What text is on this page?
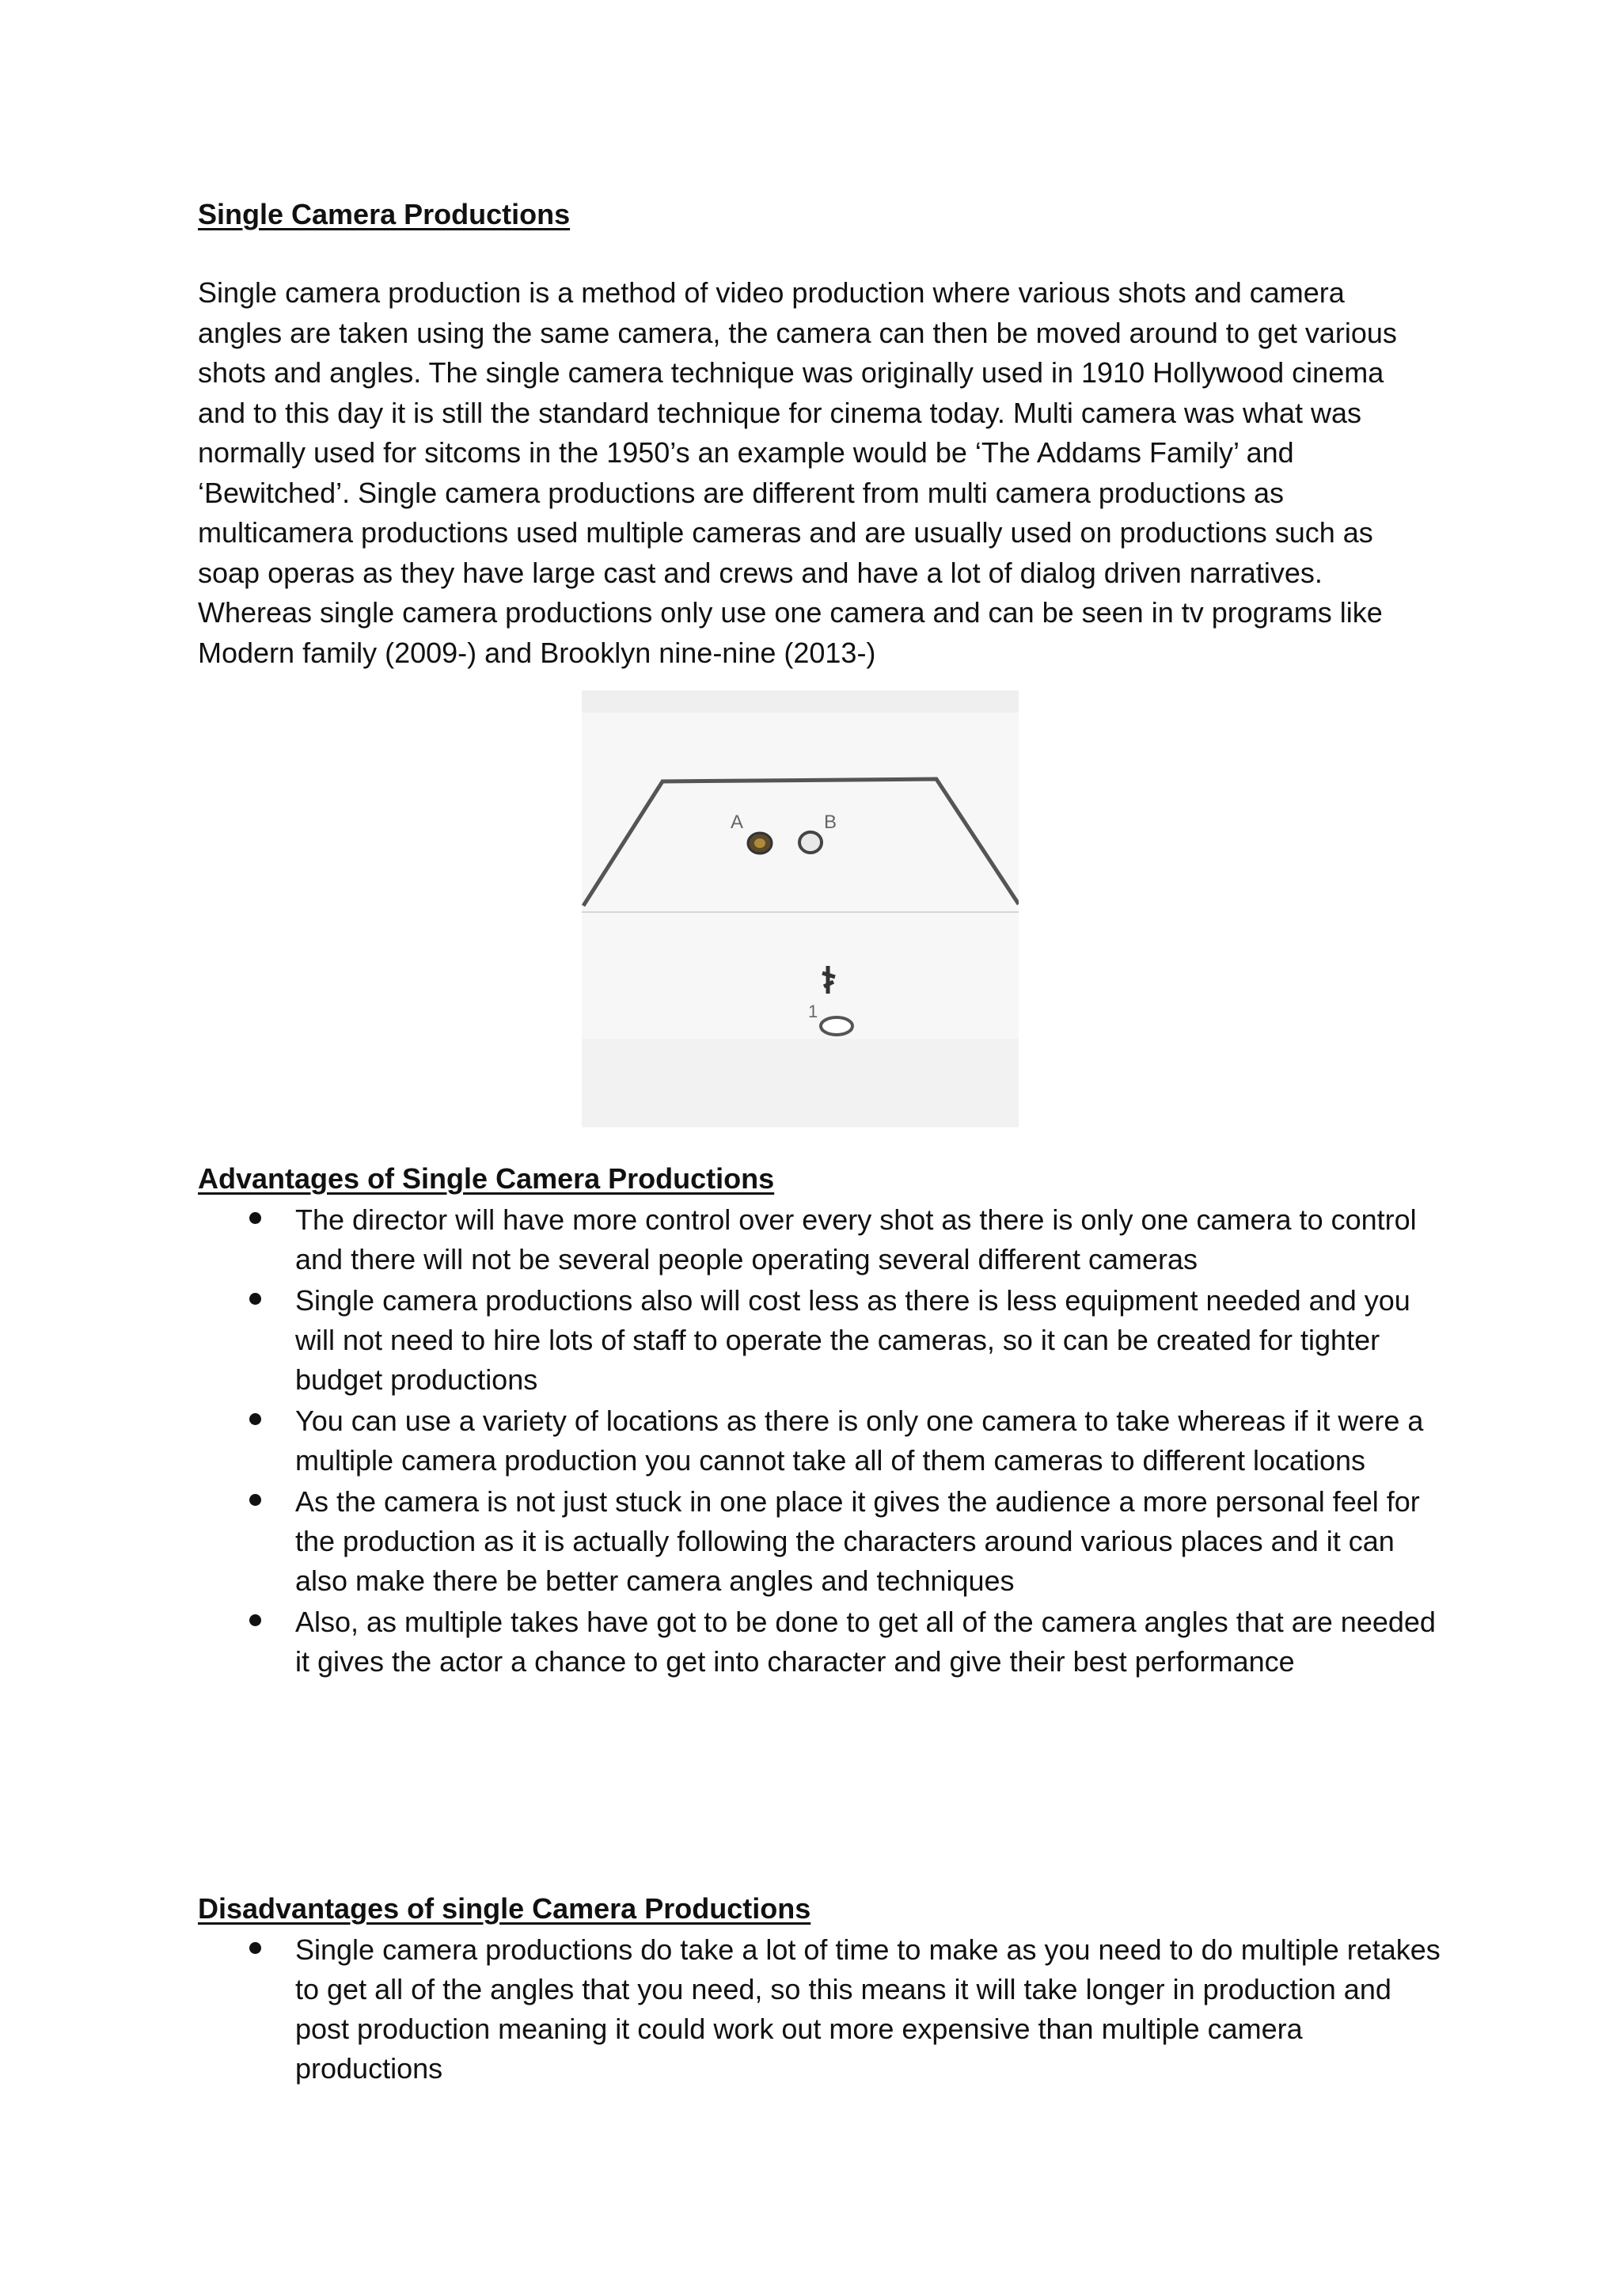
Single Camera Productions

Single camera production is a method of video production where various shots and camera angles are taken using the same camera, the camera can then be moved around to get various shots and angles. The single camera technique was originally used in 1910 Hollywood cinema and to this day it is still the standard technique for cinema today. Multi camera was what was normally used for sitcoms in the 1950’s an example would be ‘The Addams Family’ and ‘Bewitched’. Single camera productions are different from multi camera productions as multicamera productions used multiple cameras and are usually used on productions such as soap operas as they have large cast and crews and have a lot of dialog driven narratives. Whereas single camera productions only use one camera and can be seen in tv programs like Modern family (2009-) and Brooklyn nine-nine (2013-)

A	B
1
Advantages of Single Camera Productions
The director will have more control over every shot as there is only one camera to control and there will not be several people operating several different cameras
Single camera productions also will cost less as there is less equipment needed and you will not need to hire lots of staff to operate the cameras, so it can be created for tighter budget productions
You can use a variety of locations as there is only one camera to take whereas if it were a multiple camera production you cannot take all of them cameras to different locations
As the camera is not just stuck in one place it gives the audience a more personal feel for the production as it is actually following the characters around various places and it can also make there be better camera angles and techniques
Also, as multiple takes have got to be done to get all of the camera angles that are needed it gives the actor a chance to get into character and give their best performance
Disadvantages of single Camera Productions
Single camera productions do take a lot of time to make as you need to do multiple retakes to get all of the angles that you need, so this means it will take longer in production and post production meaning it could work out more expensive than multiple camera productions
